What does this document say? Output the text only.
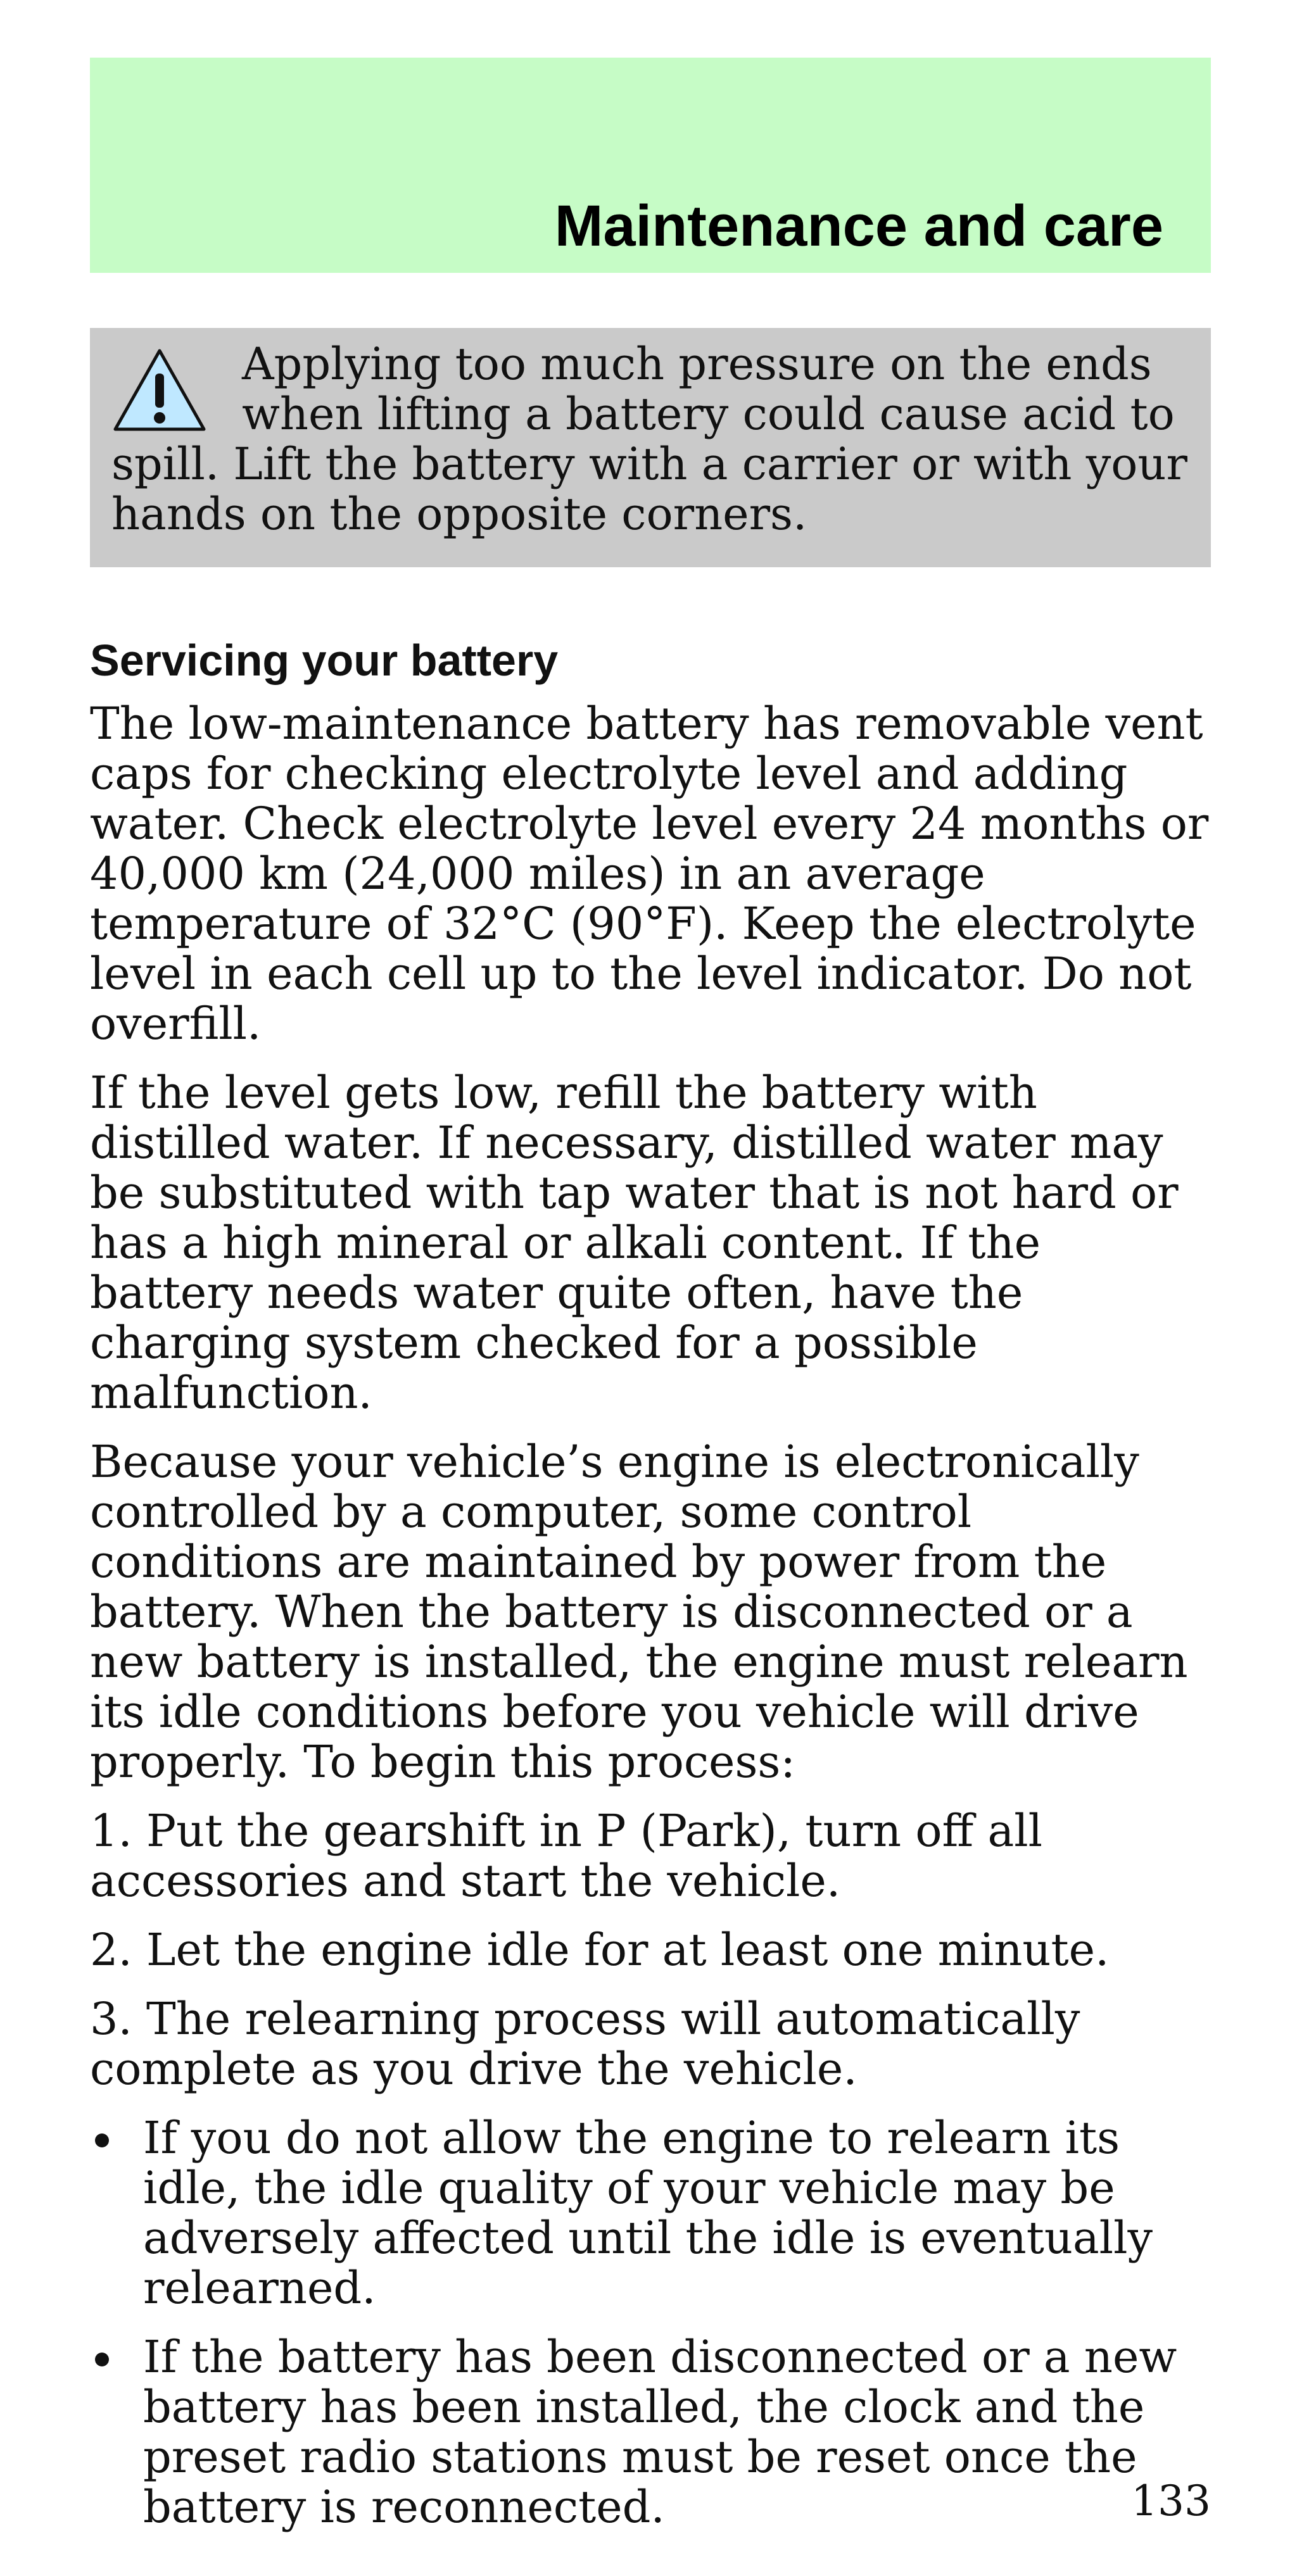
Maintenance and care

Applying too much pressure on the ends when lifting a battery could cause acid to spill. Lift the battery with a carrier or with your hands on the opposite corners.

Servicing your battery

The low-maintenance battery has removable vent caps for checking electrolyte level and adding water. Check electrolyte level every 24 months or 40,000 km (24,000 miles) in an average temperature of 32°C (90°F). Keep the electrolyte level in each cell up to the level indicator. Do not overfill.

If the level gets low, refill the battery with distilled water. If necessary, distilled water may be substituted with tap water that is not hard or has a high mineral or alkali content. If the battery needs water quite often, have the charging system checked for a possible malfunction.

Because your vehicle’s engine is electronically controlled by a computer, some control conditions are maintained by power from the battery. When the battery is disconnected or a new battery is installed, the engine must relearn its idle conditions before you vehicle will drive properly. To begin this process:

1. Put the gearshift in P (Park), turn off all accessories and start the vehicle.

2. Let the engine idle for at least one minute.

3. The relearning process will automatically complete as you drive the vehicle.

If you do not allow the engine to relearn its idle, the idle quality of your vehicle may be adversely affected until the idle is eventually relearned.
If the battery has been disconnected or a new battery has been installed, the clock and the preset radio stations must be reset once the battery is reconnected.	133
